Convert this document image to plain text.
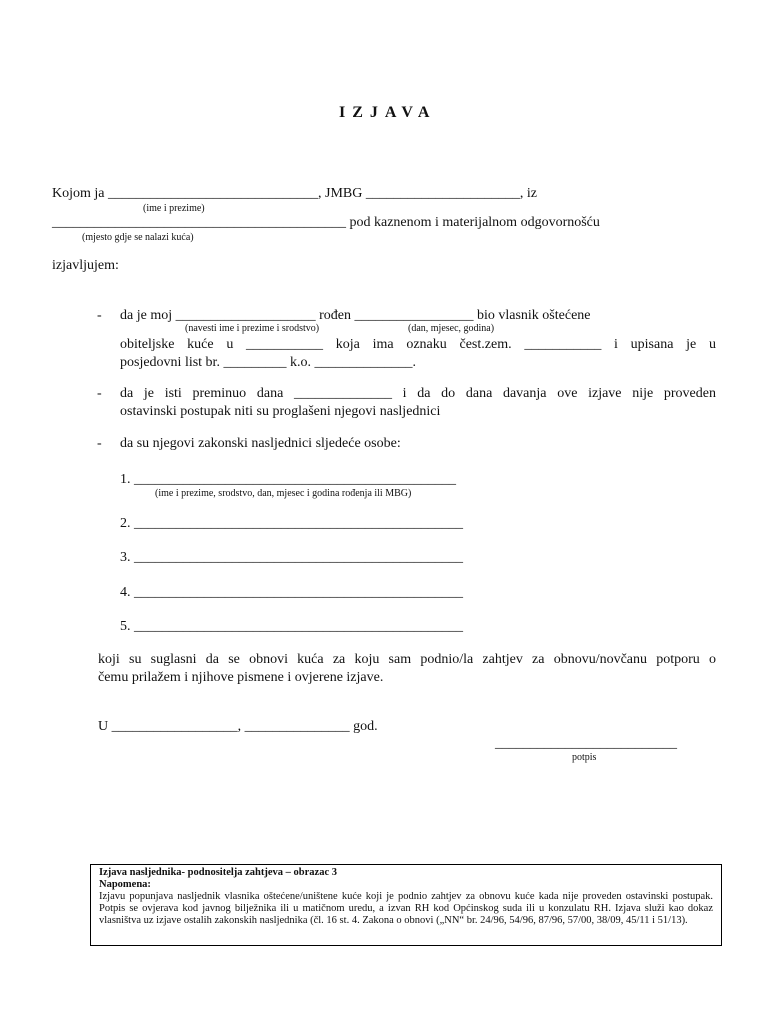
IZJAVA
Kojom ja ______________________________, JMBG ______________________, iz
(ime i prezime)
__________________________________________ pod kaznenom i materijalnom odgovornošću
(mjesto gdje se nalazi kuća)
izjavljujem:
- da je moj ____________________ rođen _________________ bio vlasnik oštećene
(navesti ime i prezime i srodstvo)	(dan, mjesec, godina)
obiteljske kuće u ___________ koja ima oznaku čest.zem. ___________ i upisana je u
posjedovni list br. _________ k.o. ______________.
- da je isti preminuo dana ______________ i da do dana davanja ove izjave nije proveden
ostavinski postupak niti su proglašeni njegovi nasljednici
- da su njegovi zakonski nasljednici sljedeće osobe:
1. ______________________________________________
(ime i prezime, srodstvo, dan, mjesec i godina rođenja ili MBG)
2. _______________________________________________
3. _______________________________________________
4. _______________________________________________
5. _______________________________________________
koji su suglasni da se obnovi kuća za koju sam podnio/la zahtjev za obnovu/novčanu potporu o
čemu prilažem i njihove pismene i ovjerene izjave.
U __________________, _______________ god.
__________________________
potpis
Izjava nasljednika- podnositelja zahtjeva – obrazac 3
Napomena:
Izjavu popunjava nasljednik vlasnika oštećene/uništene kuće koji je podnio zahtjev za obnovu kuće kada nije proveden ostavinski postupak. Potpis se ovjerava kod javnog bilježnika ili u matičnom uredu, a izvan RH kod Općinskog suda ili u konzulatu RH. Izjava služi kao dokaz vlasništva uz izjave ostalih zakonskih nasljednika (čl. 16 st. 4. Zakona o obnovi („NN“ br. 24/96, 54/96, 87/96, 57/00, 38/09, 45/11 i 51/13).
